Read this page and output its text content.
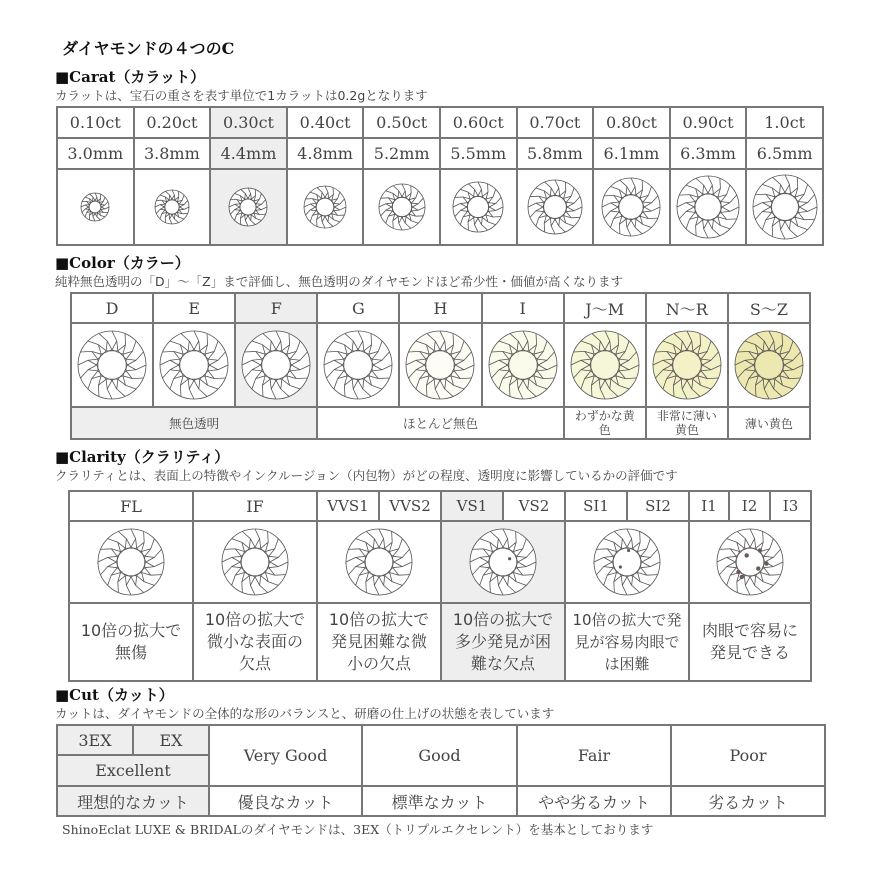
ダイヤモンドの４つのC
■Carat（カラット）
カラットは、宝石の重さを表す単位で1カラットは0.2gとなります
0.10ct	0.20ct	0.30ct	0.40ct	0.50ct	0.60ct	0.70ct	0.80ct	0.90ct	1.0ct
3.0mm	3.8mm	4.4mm	4.8mm	5.2mm	5.5mm	5.8mm	6.1mm	6.3mm	6.5mm

■Color（カラー）
純粋無色透明の「D」～「Z」まで評価し、無色透明のダイヤモンドほど希少性・価値が高くなります
D	E	F	G	H	I	J～M	N～R	S～Z

無色透明			ほとんど無色			わずかな黄色	非常に薄い黄色	薄い黄色
■Clarity（クラリティ）
クラリティとは、表面上の特徴やインクルージョン（内包物）がどの程度、透明度に影響しているかの評価です
FL	IF	VVS1	VVS2	VS1	VS2	SI1	SI2	I1	I2	I3

10倍の拡大で無傷	10倍の拡大で微小な表面の欠点	10倍の拡大で発見困難な微小の欠点		10倍の拡大で多少発見が困難な欠点		10倍の拡大で発見が容易肉眼では困難		肉眼で容易に発見できる		
■Cut（カット）
カットは、ダイヤモンドの全体的な形のバランスと、研磨の仕上げの状態を表しています
3EX	EX	Very Good	Good	Fair	Poor
Excellent					
理想的なカット		優良なカット	標準なカット	やや劣るカット	劣るカット
ShinoEclat LUXE & BRIDALのダイヤモンドは、3EX（トリプルエクセレント）を基本としております
